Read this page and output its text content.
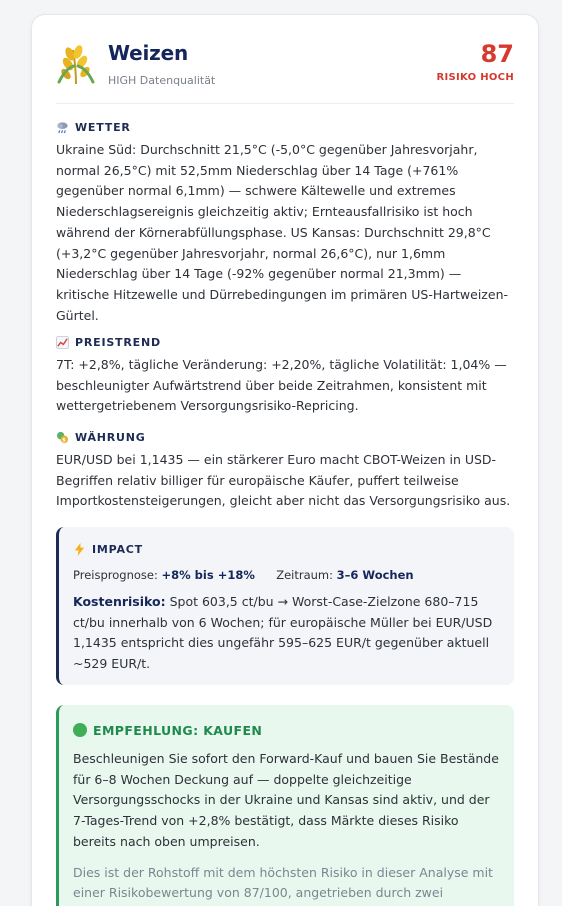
Weizen
HIGH Datenqualität
87
RISIKO HOCH
WETTER
Ukraine Süd: Durchschnitt 21,5°C (-5,0°C gegenüber Jahresvorjahr, normal 26,5°C) mit 52,5mm Niederschlag über 14 Tage (+761% gegenüber normal 6,1mm) — schwere Kältewelle und extremes Niederschlagsereignis gleichzeitig aktiv; Ernteausfallrisiko ist hoch während der Körnerabfüllungsphase. US Kansas: Durchschnitt 29,8°C (+3,2°C gegenüber Jahresvorjahr, normal 26,6°C), nur 1,6mm Niederschlag über 14 Tage (-92% gegenüber normal 21,3mm) — kritische Hitzewelle und Dürrebedingungen im primären US-Hartweizen-Gürtel.
PREISTREND
7T: +2,8%, tägliche Veränderung: +2,20%, tägliche Volatilität: 1,04% — beschleunigter Aufwärtstrend über beide Zeitrahmen, konsistent mit wettergetriebenem Versorgungsrisiko-Repricing.
$ WÄHRUNG
EUR/USD bei 1,1435 — ein stärkerer Euro macht CBOT-Weizen in USD-Begriffen relativ billiger für europäische Käufer, puffert teilweise Importkostensteigerungen, gleicht aber nicht das Versorgungsrisiko aus.
IMPACT
Preisprognose: +8% bis +18% Zeitraum: 3–6 Wochen
Kostenrisiko: Spot 603,5 ct/bu → Worst-Case-Zielzone 680–715 ct/bu innerhalb von 6 Wochen; für europäische Müller bei EUR/USD 1,1435 entspricht dies ungefähr 595–625 EUR/t gegenüber aktuell ~529 EUR/t.
EMPFEHLUNG: KAUFEN
Beschleunigen Sie sofort den Forward-Kauf und bauen Sie Bestände für 6–8 Wochen Deckung auf — doppelte gleichzeitige Versorgungsschocks in der Ukraine und Kansas sind aktiv, und der 7-Tages-Trend von +2,8% bestätigt, dass Märkte dieses Risiko bereits nach oben umpreisen.
Dies ist der Rohstoff mit dem höchsten Risiko in dieser Analyse mit einer Risikobewertung von 87/100, angetrieben durch zwei
